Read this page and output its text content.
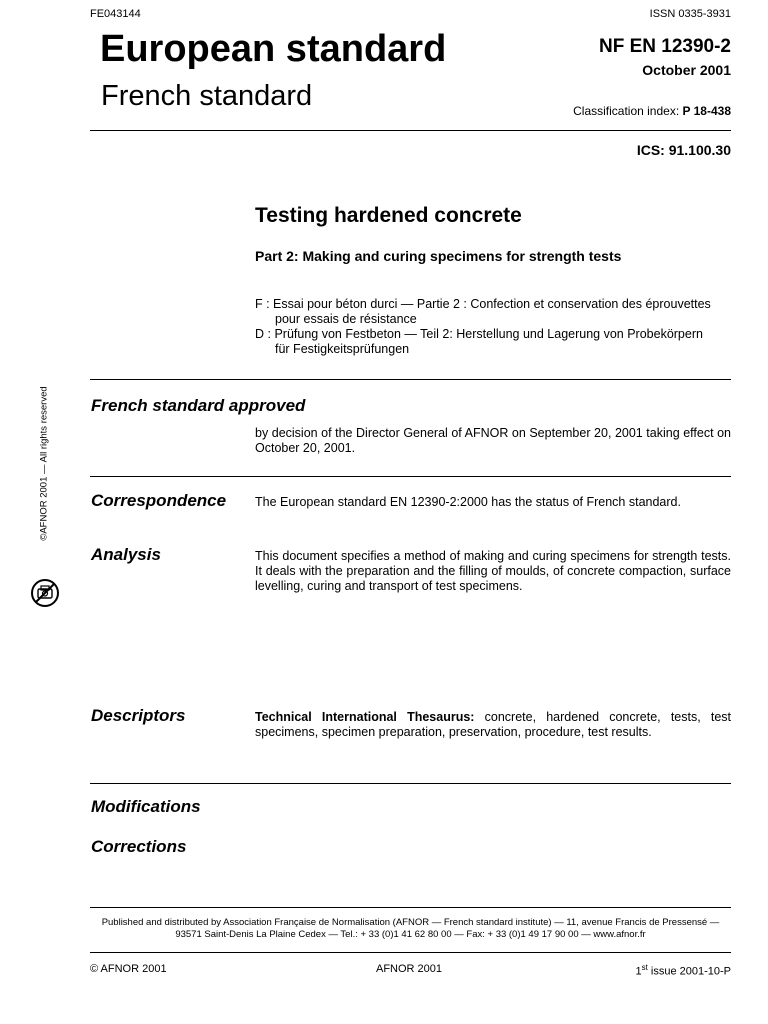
FE043144	ISSN 0335-3931
European standard
French standard
NF EN 12390-2
October 2001
Classification index: P 18-438
ICS: 91.100.30
Testing hardened concrete
Part 2: Making and curing specimens for strength tests
F : Essai pour béton durci — Partie 2 : Confection et conservation des éprouvettes
pour essais de résistance
D : Prüfung von Festbeton — Teil 2: Herstellung und Lagerung von Probekörpern
für Festigkeitsprüfungen
French standard approved
by decision of the Director General of AFNOR on September 20, 2001 taking effect on October 20, 2001.
Correspondence The European standard EN 12390-2:2000 has the status of French standard.
Analysis	This document specifies a method of making and curing specimens for strength tests. It deals with the preparation and the filling of moulds, of concrete compaction, surface levelling, curing and transport of test specimens.
Descriptors	Technical International Thesaurus: concrete, hardened concrete, tests, test specimens, specimen preparation, preservation, procedure, test results.
Modifications
Corrections
Published and distributed by Association Française de Normalisation (AFNOR — French standard institute) — 11, avenue Francis de Pressensé —
93571 Saint-Denis La Plaine Cedex — Tel.: + 33 (0)1 41 62 80 00 — Fax: + 33 (0)1 49 17 90 00 — www.afnor.fr
© AFNOR 2001	AFNOR 2001	1st issue 2001-10-P
©AFNOR 2001 — All rights reserved
